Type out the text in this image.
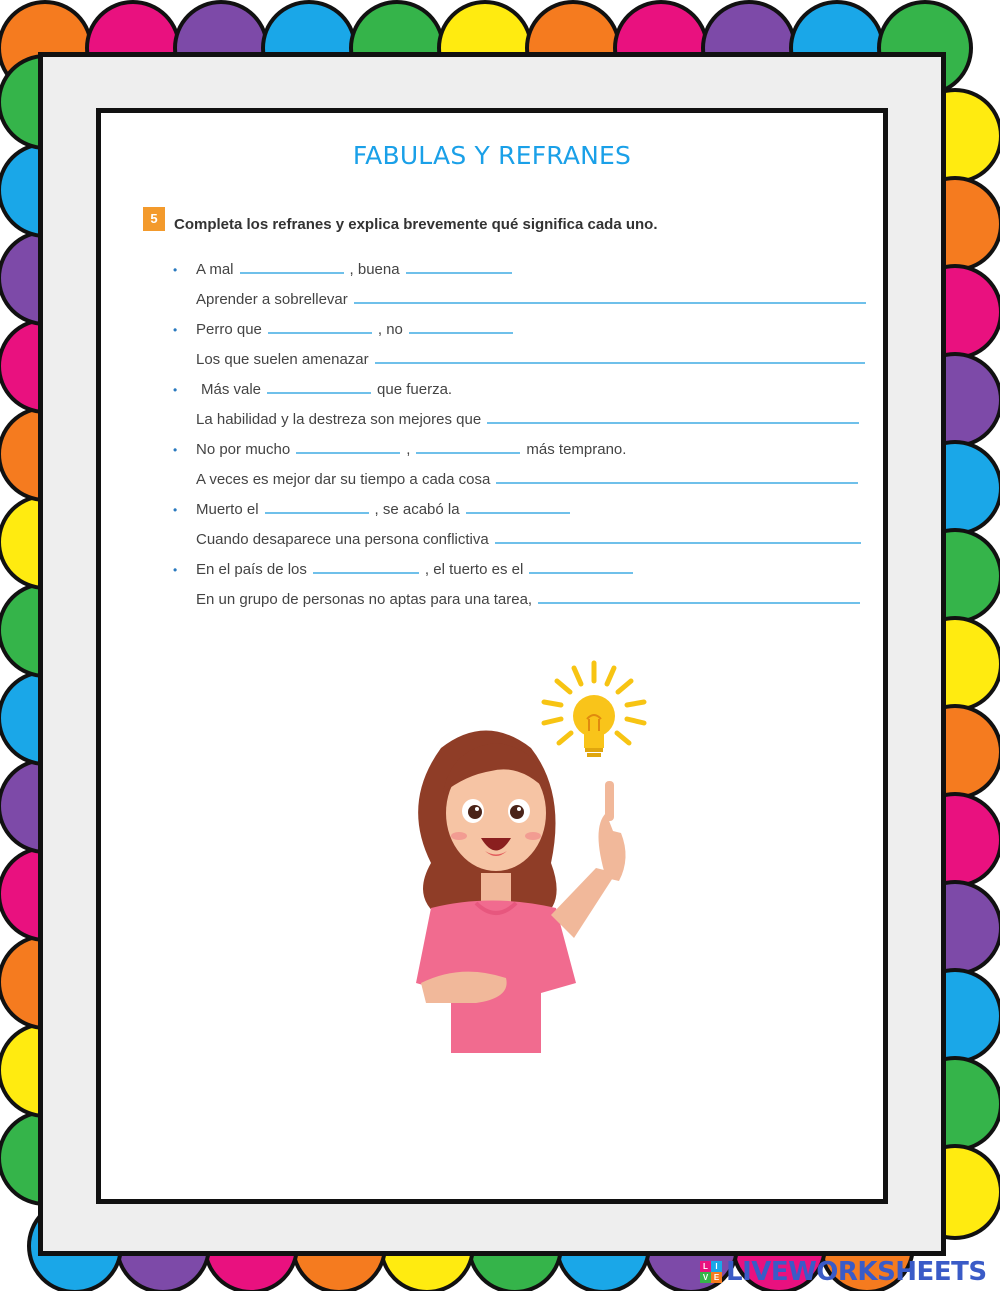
FABULAS Y REFRANES
5	Completa los refranes y explica brevemente qué significa cada uno.
• A mal	, buena
Aprender a sobrellevar
• Perro que	, no
Los que suelen amenazar
• Más vale	que fuerza.
La habilidad y la destreza son mejores que
• No por mucho	,	más temprano.
A veces es mejor dar su tiempo a cada cosa
• Muerto el	, se acabó la
Cuando desaparece una persona conflictiva
• En el país de los	, el tuerto es el
En un grupo de personas no aptas para una tarea,
L I
V E LIVEWORKSHEETS
